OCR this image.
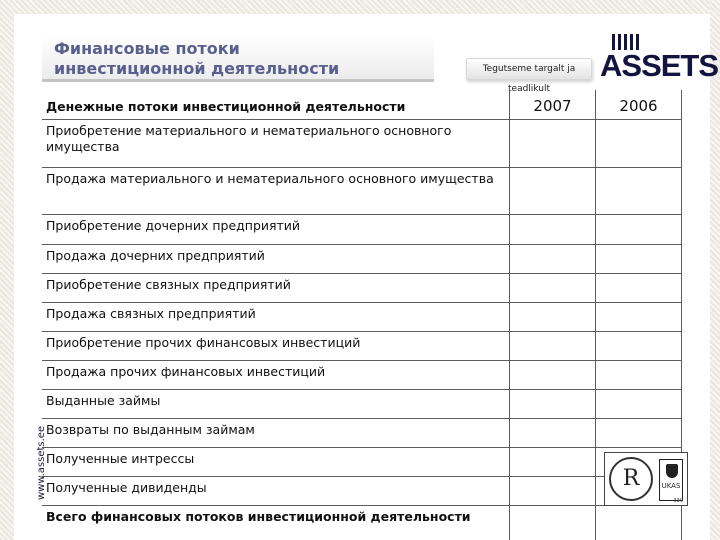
Финансовые потоки
инвестиционной деятельности	Tegutseme targalt ja teadlikult
ASSETS
www.assets.ee
Денежные потоки инвестиционной деятельности	2007	2006
Приобретение материального и нематериального основного имущества		
Продажа материального и нематериального основного имущества		
Приобретение дочерних предприятий		
Продажа дочерних предприятий		
Приобретение связных предприятий		
Продажа связных предприятий		
Приобретение прочих финансовых инвестиций		
Продажа прочих финансовых инвестиций		
Выданные займы		
Возвраты по выданным займам		
Полученные интрессы		
Полученные дивиденды		
Всего финансовых потоков инвестиционной деятельности		
R	UKAS
339
